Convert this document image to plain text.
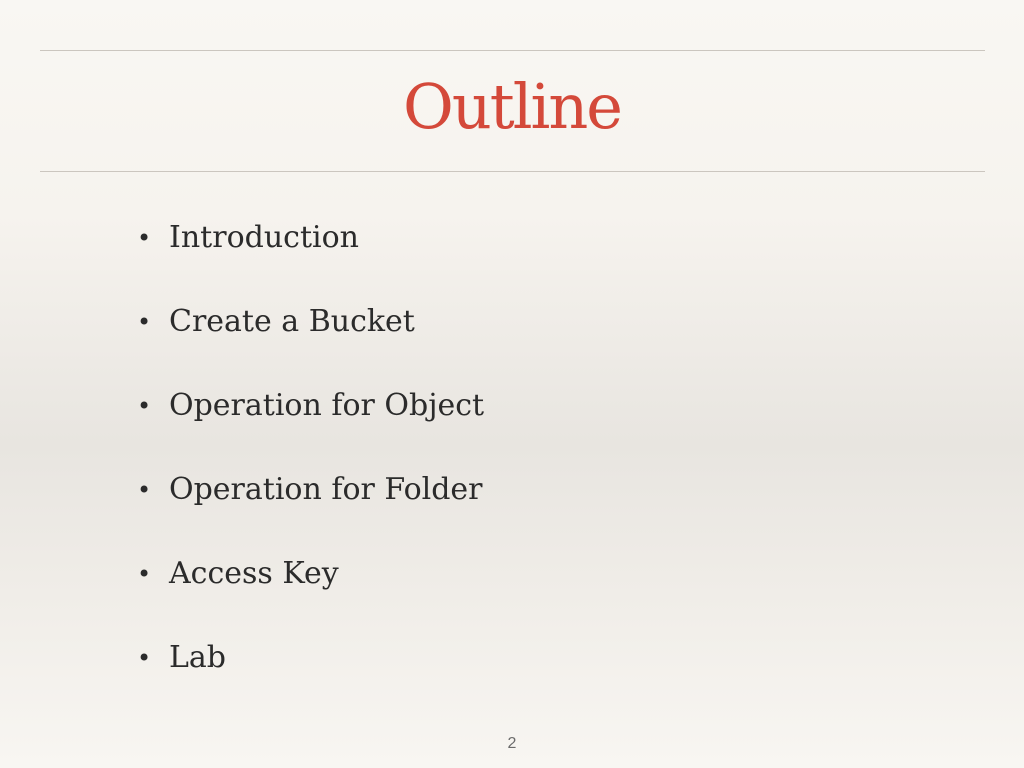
Outline
• Introduction
• Create a Bucket
• Operation for Object
• Operation for Folder
• Access Key
• Lab
2
